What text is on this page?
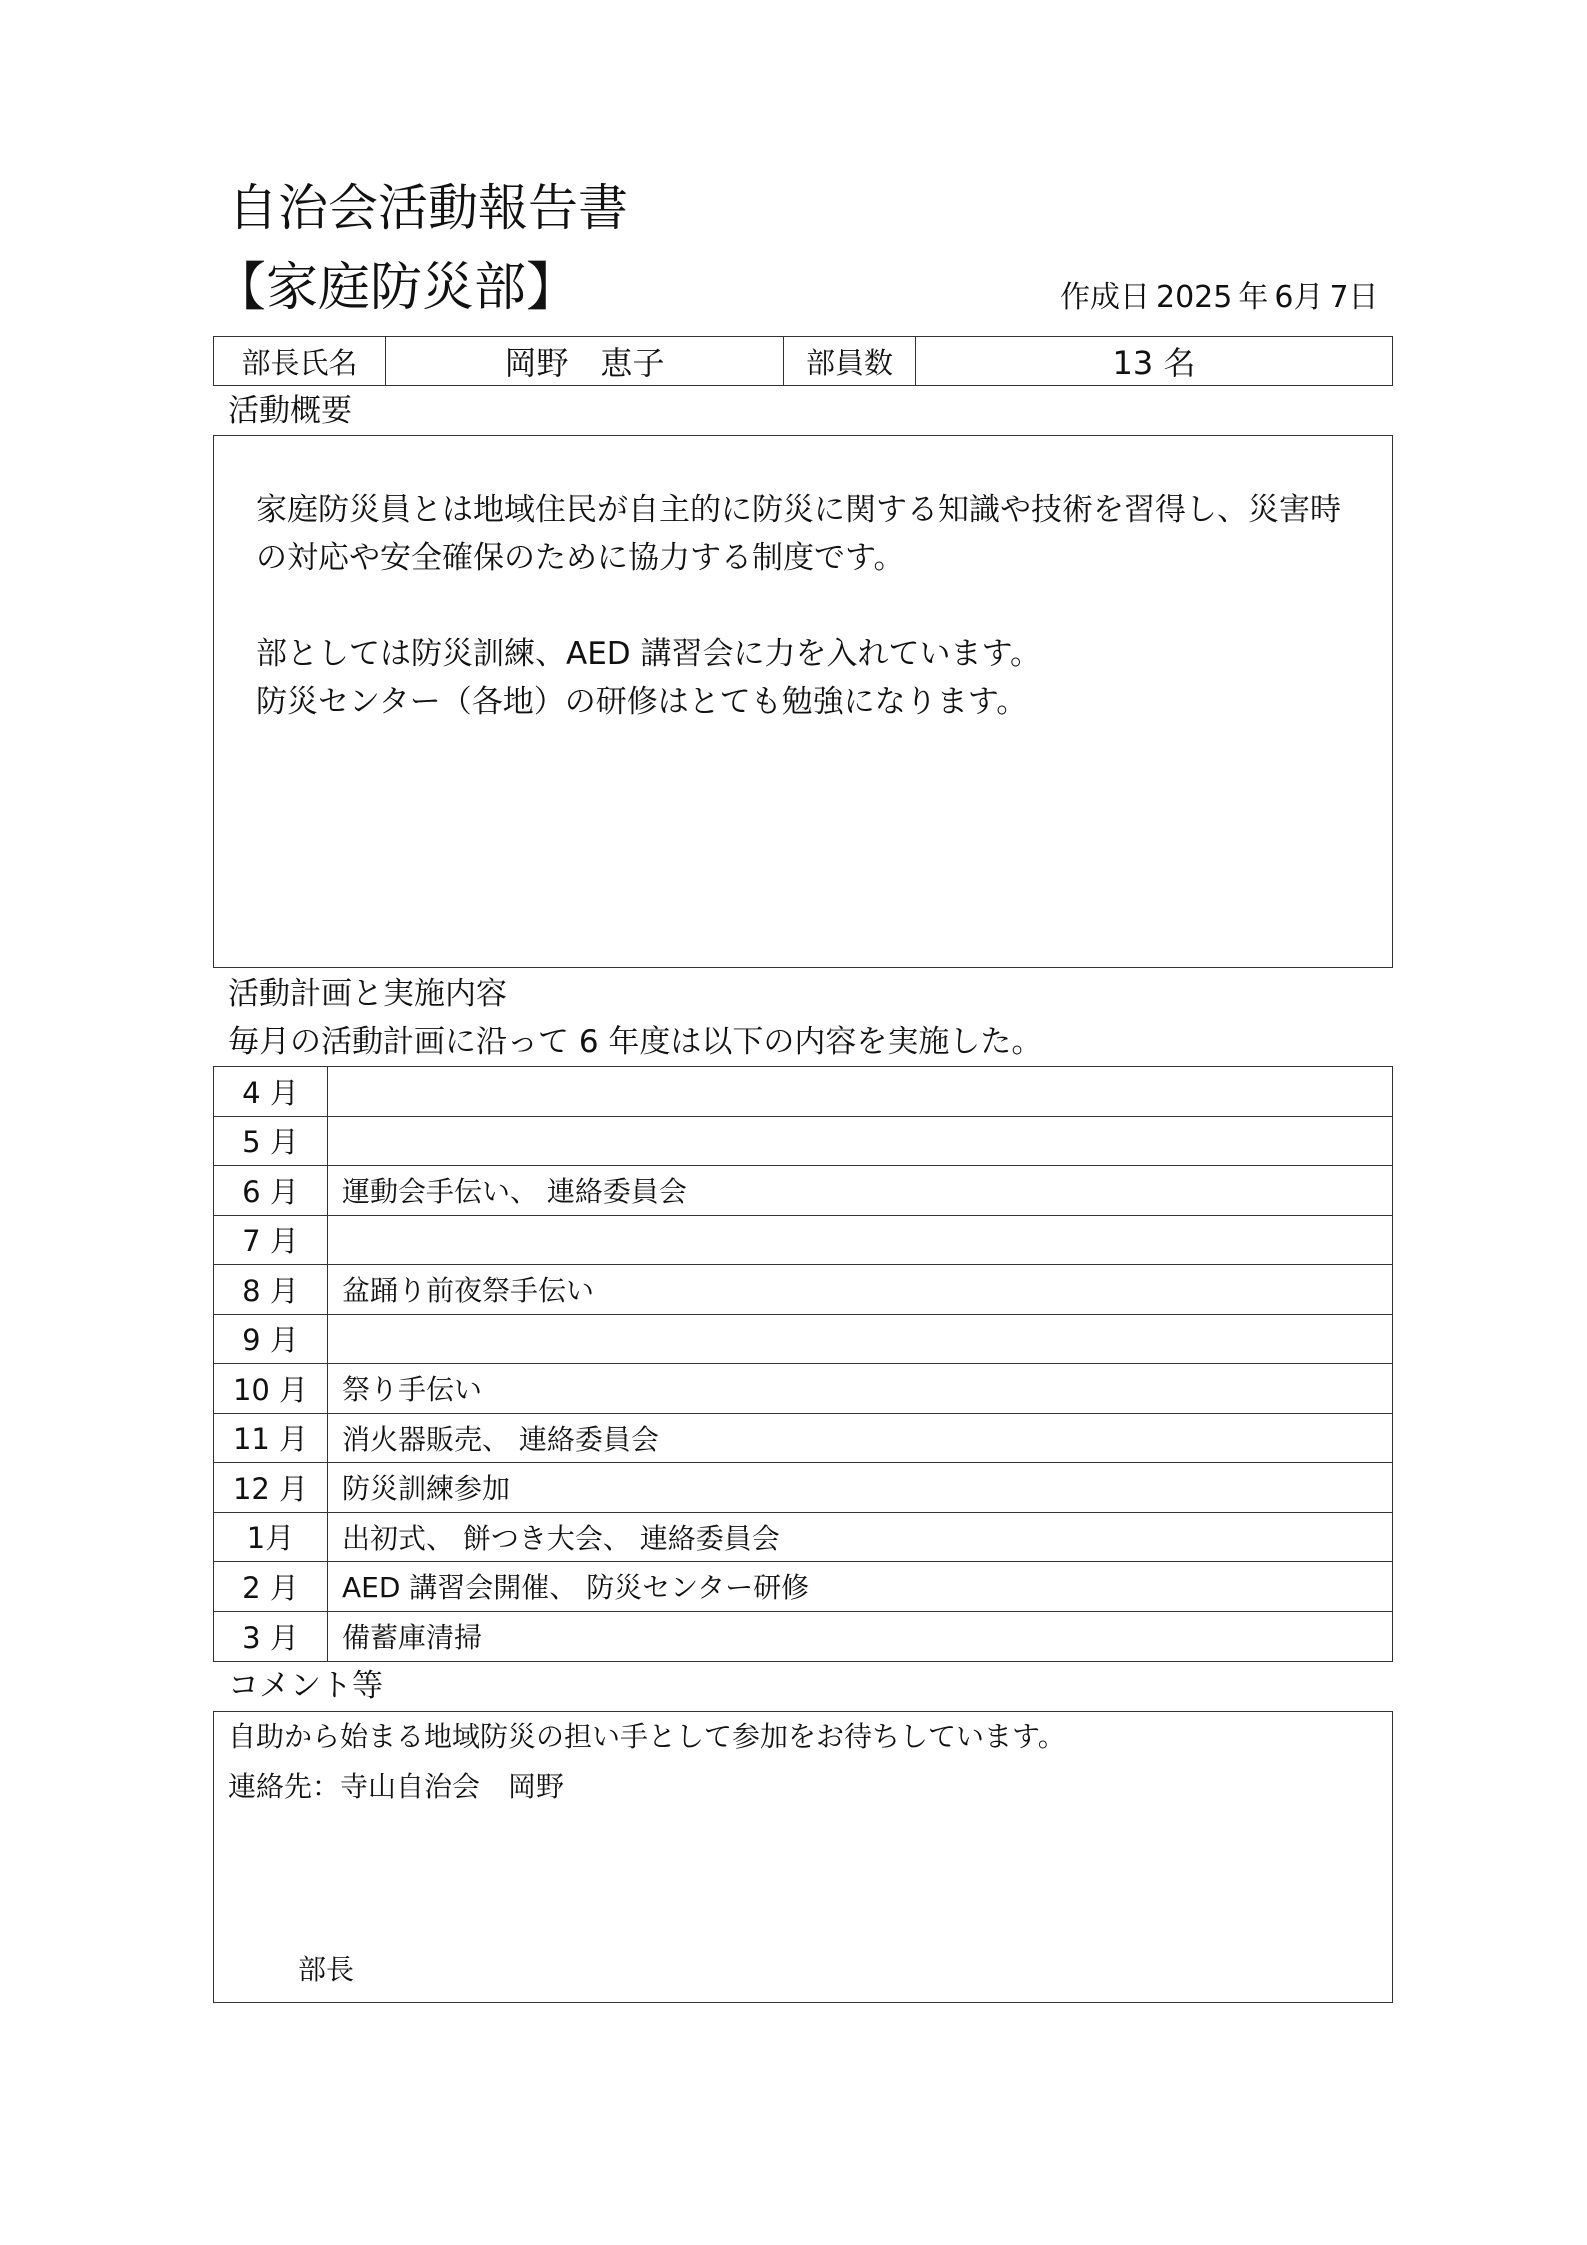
自治会活動報告書
【家庭防災部】	作成日 2025 年 6月 7日
部長氏名	岡野　恵子	部員数	13 名
活動概要

家庭防災員とは地域住民が自主的に防災に関する知識や技術を習得し、災害時

の対応や安全確保のために協力する制度です。

部としては防災訓練、AED 講習会に力を入れています。

防災センター（各地）の研修はとても勉強になります。

活動計画と実施内容
毎月の活動計画に沿って 6 年度は以下の内容を実施した。
4 月
5 月
6 月	運動会手伝い、 連絡委員会
7 月
8 月	盆踊り前夜祭手伝い
9 月
10 月	祭り手伝い
11 月	消火器販売、 連絡委員会
12 月	防災訓練参加
1月	出初式、 餅つき大会、 連絡委員会
2 月	AED 講習会開催、 防災センター研修
3 月	備蓄庫清掃
コメント等

自助から始まる地域防災の担い手として参加をお待ちしています。

連絡先：寺山自治会　岡野

部長
